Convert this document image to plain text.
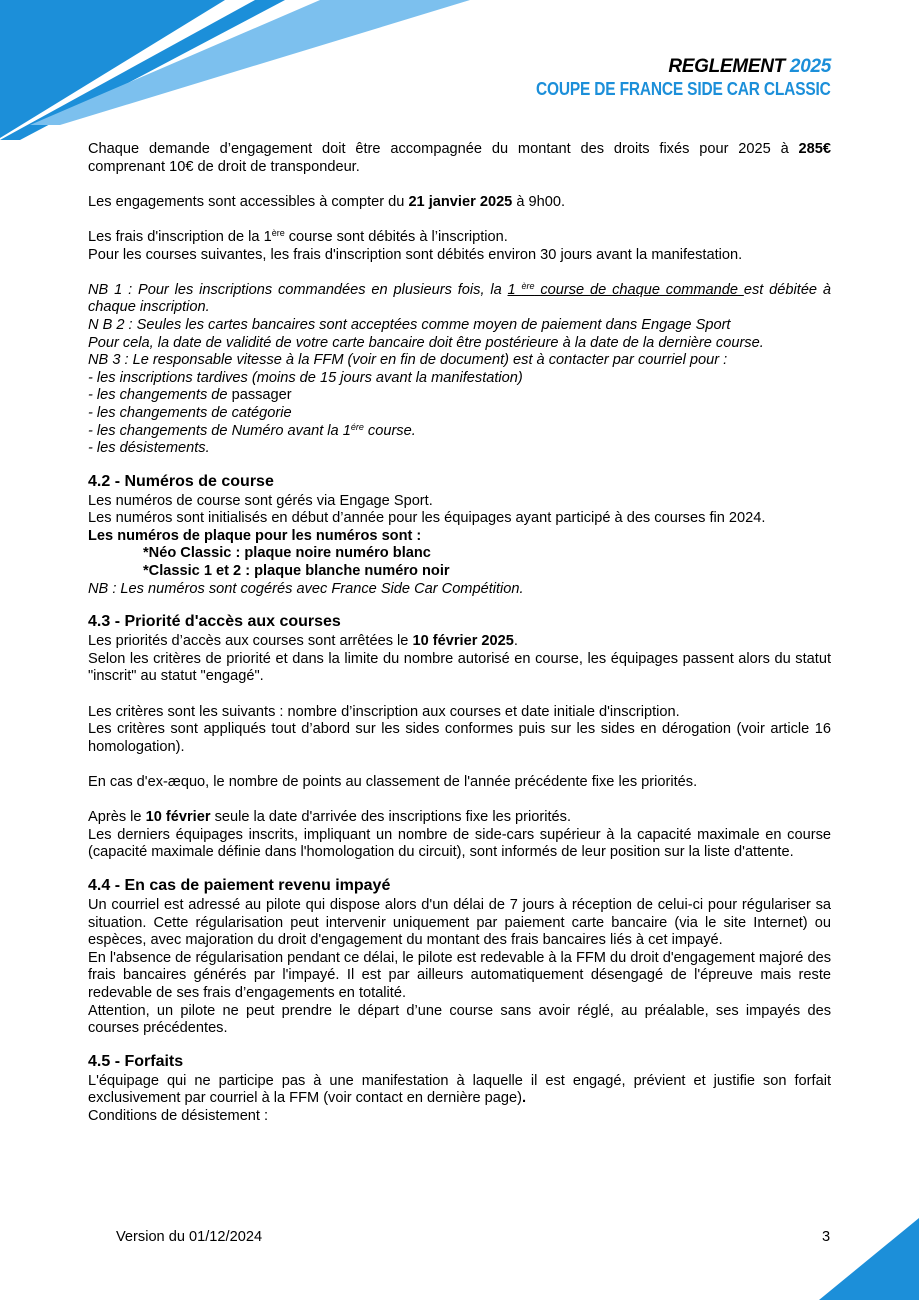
REGLEMENT 2025
COUPE DE FRANCE SIDE CAR CLASSIC

Chaque demande d’engagement doit être accompagnée du montant des droits fixés pour 2025 à 285€ comprenant 10€ de droit de transpondeur.

Les engagements sont accessibles à compter du 21 janvier 2025 à 9h00.

Les frais d'inscription de la 1ère course sont débités à l’inscription.

Pour les courses suivantes, les frais d'inscription sont débités environ 30 jours avant la manifestation.

NB 1 : Pour les inscriptions commandées en plusieurs fois, la 1 $^{ère}$ course de chaque commande est débitée à chaque inscription.

N B 2 : Seules les cartes bancaires sont acceptées comme moyen de paiement dans Engage Sport

Pour cela, la date de validité de votre carte bancaire doit être postérieure à la date de la dernière course.

NB 3 : Le responsable vitesse à la FFM (voir en fin de document) est à contacter par courriel pour :

- les inscriptions tardives (moins de 15 jours avant la manifestation)

- les changements de passager

- les changements de catégorie

- les changements de Numéro avant la $1^{ére}$ course.

- les désistements.

4.2 - Numéros de course

Les numéros de course sont gérés via Engage Sport.

Les numéros sont initialisés en début d’année pour les équipages ayant participé à des courses fin 2024.

Les numéros de plaque pour les numéros sont :

*Néo Classic : plaque noire numéro blanc

*Classic 1 et 2 : plaque blanche numéro noir

NB : Les numéros sont cogérés avec France Side Car Compétition.

4.3 - Priorité d'accès aux courses

Les priorités d’accès aux courses sont arrêtées le 10 février 2025.

Selon les critères de priorité et dans la limite du nombre autorisé en course, les équipages passent alors du statut "inscrit" au statut "engagé".

Les critères sont les suivants : nombre d’inscription aux courses et date initiale d'inscription.

Les critères sont appliqués tout d’abord sur les sides conformes puis sur les sides en dérogation (voir article 16 homologation).

En cas d'ex-æquo, le nombre de points au classement de l'année précédente fixe les priorités.

Après le 10 février seule la date d'arrivée des inscriptions fixe les priorités.

Les derniers équipages inscrits, impliquant un nombre de side-cars supérieur à la capacité maximale en course (capacité maximale définie dans l'homologation du circuit), sont informés de leur position sur la liste d'attente.

4.4 - En cas de paiement revenu impayé

Un courriel est adressé au pilote qui dispose alors d'un délai de 7 jours à réception de celui-ci pour régulariser sa situation. Cette régularisation peut intervenir uniquement par paiement carte bancaire (via le site Internet) ou espèces, avec majoration du droit d'engagement du montant des frais bancaires liés à cet impayé.

En l'absence de régularisation pendant ce délai, le pilote est redevable à la FFM du droit d'engagement majoré des frais bancaires générés par l'impayé. Il est par ailleurs automatiquement désengagé de l'épreuve mais reste redevable de ses frais d’engagements en totalité.

Attention, un pilote ne peut prendre le départ d’une course sans avoir réglé, au préalable, ses impayés des courses précédentes.

4.5 - Forfaits

L'équipage qui ne participe pas à une manifestation à laquelle il est engagé, prévient et justifie son forfait exclusivement par courriel à la FFM (voir contact en dernière page).

Conditions de désistement :

Version du 01/12/2024	3
